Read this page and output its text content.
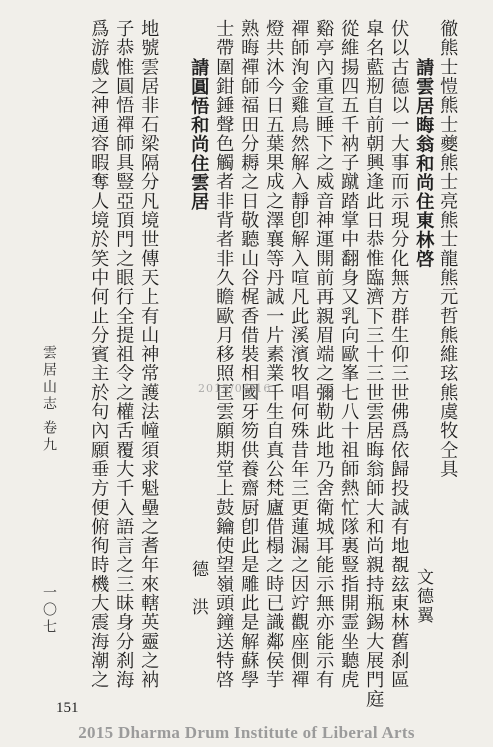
徹熊士愷熊士夔熊士亮熊士龍熊元哲熊維玹熊虞牧仝具
請雲居晦翁和尚住東林啓
文德翼
伏以古德以一大事而示現分化無方群生仰三世佛爲依歸投誠有地覩玆東林舊刹區
皐名藍剏自前朝興逢此日恭惟臨濟下三十三世雲居晦翁師大和尚親持瓶錫大展門庭
從維揚四五千衲子蹴踏掌中翻身又乳向歐峯七八十祖師熱忙隊裏豎指開霊坐聽虎
谿亭內重宣睡下之威音神運開前再親眉端之彌勒此地乃舍衛城耳能示無亦能示有
禪師洵金雞鳥然解入靜卽解入喧凡此溪濱牧唱何殊昔年三更蓮漏之因竚觀座側禪
燈共沐今日五葉果成之澤襄等丹誠一片素業千生自真公梵廬借榻之時已識鄰侯芋
熟晦禪師福田分耨之日敬聽山谷梶香借裝相國牙笏供養齋厨卽此是雕此是解蘇學
士帶圍鉗錘聲色觸者非背者非久瞻歐月移照匡雲願期堂上鼓鑰使望嶺頭鐘送特啓
請圓悟和尚住雲居
德　洪
地號雲居非石梁隔分凡境世傳天上有山神常護法幢須求魁壘之耆年來轄英靈之衲
子恭惟圓悟禪師具豎亞頂門之眼行全提祖令之權舌覆大千入語言之三昧身分刹海
爲游戲之神通容暇奪人境於笑中何止分賓主於句內願垂方便俯徇時機大震海潮之
雲居山志
卷九
一〇七
2015/04/16
151
2015 Dharma Drum Institute of Liberal Arts
